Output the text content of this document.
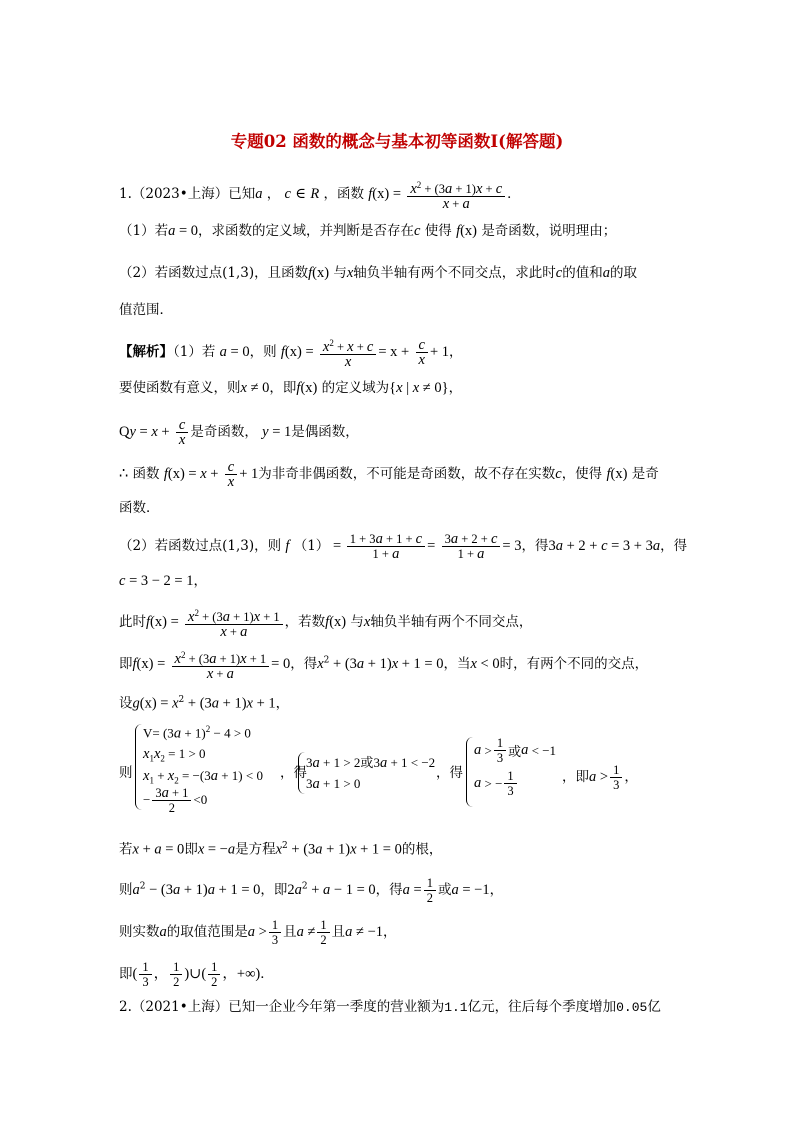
专题02 函数的概念与基本初等函数I(解答题)
1.（2023•上海）已知a ， c ∈ R ，函数 $f(x) = \frac{x^2 + (3a + 1)x + c}{x + a}$ ．
（1）若a = 0，求函数的定义域，并判断是否存在c 使得 f(x) 是奇函数，说明理由；
（2）若函数过点(1,3)，且函数f(x) 与x轴负半轴有两个不同交点，求此时c的值和a的取
值范围．
【解析】（1）若 a = 0，则 $f(x) = \frac{x^2 + x + c}{x} = x + \frac{c}{x} + 1$，
要使函数有意义，则x ≠ 0，即f(x) 的定义域为{x | x ≠ 0}，
$Qy = x + \frac{c}{x}$ 是奇函数， y = 1是偶函数，
∴ 函数 $f(x) = x + \frac{c}{x} + 1$为非奇非偶函数，不可能是奇函数，故不存在实数c，使得 f(x) 是奇
函数．
（2）若函数过点(1,3)，则 f $(1) = \frac{1 + 3a + 1 + c}{1 + a} = \frac{3a + 2 + c}{1 + a} = 3$，得3a + 2 + c = 3 + 3a，得
c = 3 − 2 = 1，
此时$f(x) = \frac{x^2 + (3a + 1)x + 1}{x + a}$ ，若数f(x) 与x轴负半轴有两个不同交点，
即$f(x) = \frac{x^2 + (3a + 1)x + 1}{x + a} = 0$，得$x^2 + (3a + 1)x + 1 = 0$，当x < 0时，有两个不同的交点，
设$g(x) = x^2 + (3a + 1)x + 1$，
则
$V= (3a + 1)^2 - 4 > 0$
$x_1x_2 = 1 > 0$
$x_1 + x_2 = -(3a + 1) < 0$
− $\frac{3a + 1}{2} <0$
，得
3a + 1 > 2或3a + 1 < −2
3a + 1 > 0
，得
$a > \frac{1}{3}$ 或 a < −1
a > − $\frac{1}{3}$	，即$a > \frac{1}{3}$ ，
若x + a = 0即x = −a是方程$x^2 + (3a + 1)x + 1 = 0$的根，
则$a^2 - (3a + 1)a + 1 = 0$，即$2a^2 + a - 1 = 0$，得$a = \frac{1}{2}$ 或a = −1，
则实数a的取值范围是$a > \frac{1}{3}$ 且$a \ne \frac{1}{2}$ 且a ≠ −1，
即( $\frac{1}{3}$ ， $\frac{1}{2}$ )∪( $\frac{1}{2}$ ，+∞)．
2.（2021•上海）已知一企业今年第一季度的营业额为1.1亿元，往后每个季度增加0.05亿
